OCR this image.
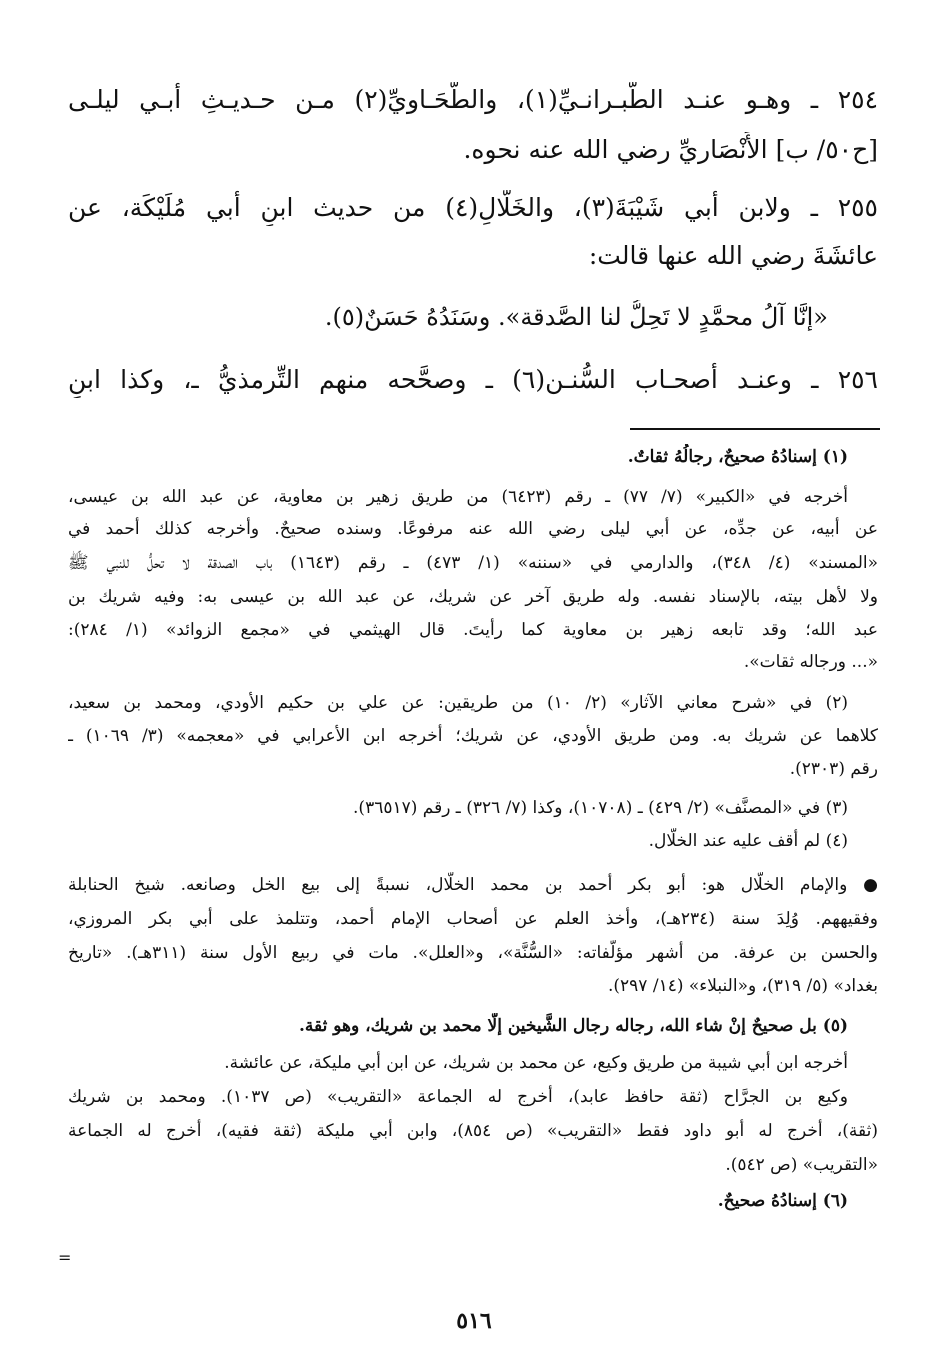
٢٥٤ ـ وهـو عنـد الطَّبـرانـيِّ(١)، والطَّحَـاويِّ(٢) مـن حـديـثِ أبـي ليلـى
[ح٥٠/ ب] الأَنْصَاريِّ رضي الله عنه نحوه.
٢٥٥ ـ ولابن أبي شَيْبَةَ(٣)، والخَلَّالِ(٤) من حديث ابنِ أبي مُلَيْكَة، عن
عائشَةَ رضي الله عنها قالت:
«إنَّا آلُ محمَّدٍ لا تَحِلُّ لنا الصَّدقة». وسَنَدُهُ حَسَنٌ(٥).
٢٥٦ ـ وعنـد أصحـاب السُّنـن(٦) ـ وصحَّحه منهم التِّرمذيُّ ـ، وكذا ابنِ
(١) إسنادُهُ صحيحٌ، رجالُهُ ثقاتٌ.
أخرجه في «الكبير» (٧/ ٧٧) ـ رقم (٦٤٢٣) من طريق زهير بن معاوية، عن عبد الله بن عيسى،
عن أبيه، عن جدِّه، عن أبي ليلى رضي الله عنه مرفوعًا. وسنده صحيحٌ. وأخرجه كذلك أحمد في
«المسند» (٤/ ٣٤٨)، والدارمي في «سننه» (١/ ٤٧٣) ـ رقم (١٦٤٣) باب الصدقة لا تحلُّ للنبي ﷺ
ولا لأهل بيته، بالإسناد نفسه. وله طريق آخر عن شريك، عن عبد الله بن عيسى به: وفيه شريك بن
عبد الله؛ وقد تابعه زهير بن معاوية كما رأيتَ. قال الهيثمي في «مجمع الزوائد» (١/ ٢٨٤):
«... ورجاله ثقات».
(٢) في «شرح معاني الآثار» (٢/ ١٠) من طريقين: عن علي بن حكيم الأودي، ومحمد بن سعيد،
كلاهما عن شريك به. ومن طريق الأودي، عن شريك؛ أخرجه ابن الأعرابي في «معجمه» (٣/ ١٠٦٩) ـ
رقم (٢٣٠٣).
(٣) في «المصنَّف» (٢/ ٤٢٩) ـ (١٠٧٠٨)، وكذا (٧/ ٣٢٦) ـ رقم (٣٦٥١٧).
(٤) لم أقف عليه عند الخلَّال.
● والإمام الخلَّال هو: أبو بكر أحمد بن محمد الخلَّال، نسبةً إلى بيع الخل وصانعه. شيخ الحنابلة
وفقيههم. وُلِدَ سنة (٢٣٤هـ)، وأخذ العلم عن أصحاب الإمام أحمد، وتتلمذ على أبي بكر المروزي،
والحسن بن عرفة. من أشهر مؤلَّفاته: «السُّنَّة»، و«العلل». مات في ربيع الأول سنة (٣١١هـ). «تاريخ
بغداد» (٥/ ٣١٩)، و«النبلاء» (١٤/ ٢٩٧).
(٥) بل صحيحٌ إنْ شاء الله، رجاله رجال الشَّيخين إلَّا محمد بن شريك، وهو ثقة.
أخرجه ابن أبي شيبة من طريق وكيع، عن محمد بن شريك، عن ابن أبي مليكة، عن عائشة.
وكيع بن الجرَّاح (ثقة حافظ عابد)، أخرج له الجماعة «التقريب» (ص ١٠٣٧). ومحمد بن شريك
(ثقة)، أخرج له أبو داود فقط «التقريب» (ص ٨٥٤)، وابن أبي مليكة (ثقة فقيه)، أخرج له الجماعة
«التقريب» (ص ٥٤٢).
(٦) إسنادُهُ صحيحٌ.
=
٥١٦
